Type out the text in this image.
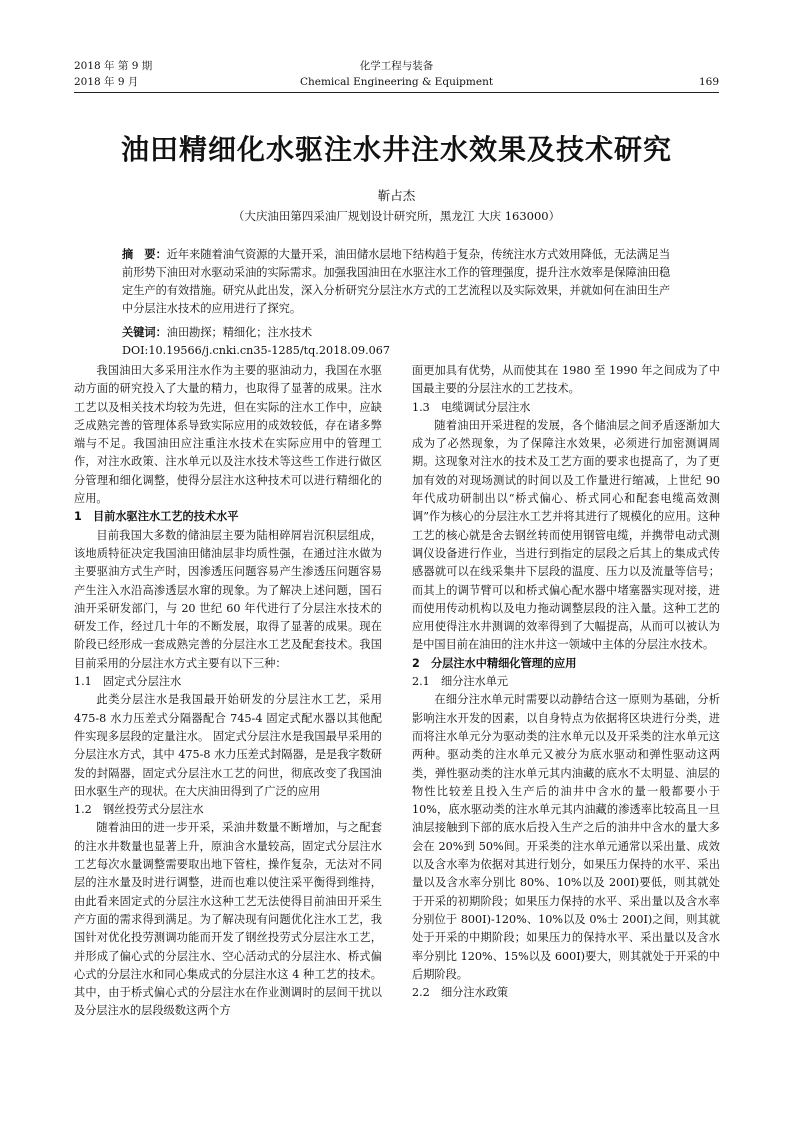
2018 年 第 9 期
2018 年 9 月
化学工程与装备
Chemical Engineering & Equipment	169
油田精细化水驱注水井注水效果及技术研究
靳占杰
（大庆油田第四采油厂规划设计研究所，黑龙江 大庆 163000）
摘　要：近年来随着油气资源的大量开采，油田储水层地下结构趋于复杂，传统注水方式效用降低，无法满足当前形势下油田对水驱动采油的实际需求。加强我国油田在水驱注水工作的管理强度，提升注水效率是保障油田稳定生产的有效措施。研究从此出发，深入分析研究分层注水方式的工艺流程以及实际效果，并就如何在油田生产中分层注水技术的应用进行了探究。
关键词：油田勘探；精细化；注水技术
DOI:10.19566/j.cnki.cn35-1285/tq.2018.09.067

我国油田大多采用注水作为主要的驱油动力，我国在水驱动方面的研究投入了大量的精力，也取得了显著的成果。注水工艺以及相关技术均较为先进，但在实际的注水工作中，应缺乏成熟完善的管理体系导致实际应用的成效较低，存在诸多弊端与不足。我国油田应注重注水技术在实际应用中的管理工作，对注水政策、注水单元以及注水技术等这些工作进行做区分管理和细化调整，使得分层注水这种技术可以进行精细化的应用。

1　目前水驱注水工艺的技术水平

目前我国大多数的储油层主要为陆相碎屑岩沉积层组成，该地质特征决定我国油田储油层非均质性强，在通过注水做为主要驱油方式生产时，因渗透压问题容易产生渗透压问题容易产生注入水沿高渗透层水窜的现象。为了解决上述问题，国石油开采研发部门，与 20 世纪 60 年代进行了分层注水技术的研发工作，经过几十年的不断发展，取得了显著的成果。现在阶段已经形成一套成熟完善的分层注水工艺及配套技术。我国目前采用的分层注水方式主要有以下三种：

1.1　固定式分层注水

此类分层注水是我国最开始研发的分层注水工艺，采用 475-8 水力压差式分隔器配合 745-4 固定式配水器以其他配件实现多层段的定量注水。 固定式分层注水是我国最早采用的分层注水方式，其中 475-8 水力压差式封隔器，是是我字数研发的封隔器，固定式分层注水工艺的问世，彻底改变了我国油田水驱生产的现状。在大庆油田得到了广泛的应用

1.2　钢丝投劳式分层注水

随着油田的进一步开采，采油井数量不断增加，与之配套的注水井数量也显著上升，原油含水量较高，固定式分层注水工艺每次水量调整需要取出地下管柱，操作复杂，无法对不同层的注水量及时进行调整，进而也难以使注采平衡得到维持，由此看来固定式的分层注水这种工艺无法使得目前油田开采生产方面的需求得到满足。为了解决现有问题优化注水工艺，我国针对优化投劳测调功能而开发了钢丝投劳式分层注水工艺，并形成了偏心式的分层注水、空心活动式的分层注水、桥式偏心式的分层注水和同心集成式的分层注水这 4 种工艺的技术。其中，由于桥式偏心式的分层注水在作业测调时的层间干扰以及分层注水的层段级数这两个方

面更加具有优势，从而使其在 1980 至 1990 年之间成为了中国最主要的分层注水的工艺技术。

1.3　电缆调试分层注水

随着油田开采进程的发展，各个储油层之间矛盾逐渐加大成为了必然现象，为了保障注水效果，必须进行加密测调周期。这现象对注水的技术及工艺方面的要求也提高了，为了更加有效的对现场测试的时间以及工作量进行缩减，上世纪 90 年代成功研制出以“桥式偏心、桥式同心和配套电缆高效测调”作为核心的分层注水工艺并将其进行了规模化的应用。这种工艺的核心就是舍去钢丝转而使用钢管电缆，并携带电动式测调仪设备进行作业，当进行到指定的层段之后其上的集成式传感器就可以在线采集井下层段的温度、压力以及流量等信号；而其上的调节臂可以和桥式偏心配水器中堵塞器实现对接，进而使用传动机构以及电力拖动调整层段的注入量。这种工艺的应用使得注水井测调的效率得到了大幅提高，从而可以被认为是中国目前在油田的注水井这一领域中主体的分层注水技术。

2　分层注水中精细化管理的应用
2.1　细分注水单元

在细分注水单元时需要以动静结合这一原则为基础，分析影响注水开发的因素，以自身特点为依据将区块进行分类，进而将注水单元分为驱动类的注水单元以及开采类的注水单元这两种。驱动类的注水单元又被分为底水驱动和弹性驱动这两类，弹性驱动类的注水单元其内油藏的底水不太明显、油层的物性比较差且投入生产后的油井中含水的量一般都要小于 10%，底水驱动类的注水单元其内油藏的渗透率比较高且一旦油层接触到下部的底水后投入生产之后的油井中含水的量大多会在 20%到 50%间。开采类的注水单元通常以采出量、成效以及含水率为依据对其进行划分，如果压力保持的水平、采出量以及含水率分别比 80%、10%以及 200I)要低，则其就处于开采的初期阶段；如果压力保持的水平、采出量以及含水率分别位于 800I)-120%、10%以及 0%士 200I)之间，则其就处于开采的中期阶段；如果压力的保持水平、采出量以及含水率分别比 120%、15%以及 600I)要大，则其就处于开采的中后期阶段。

2.2　细分注水政策
